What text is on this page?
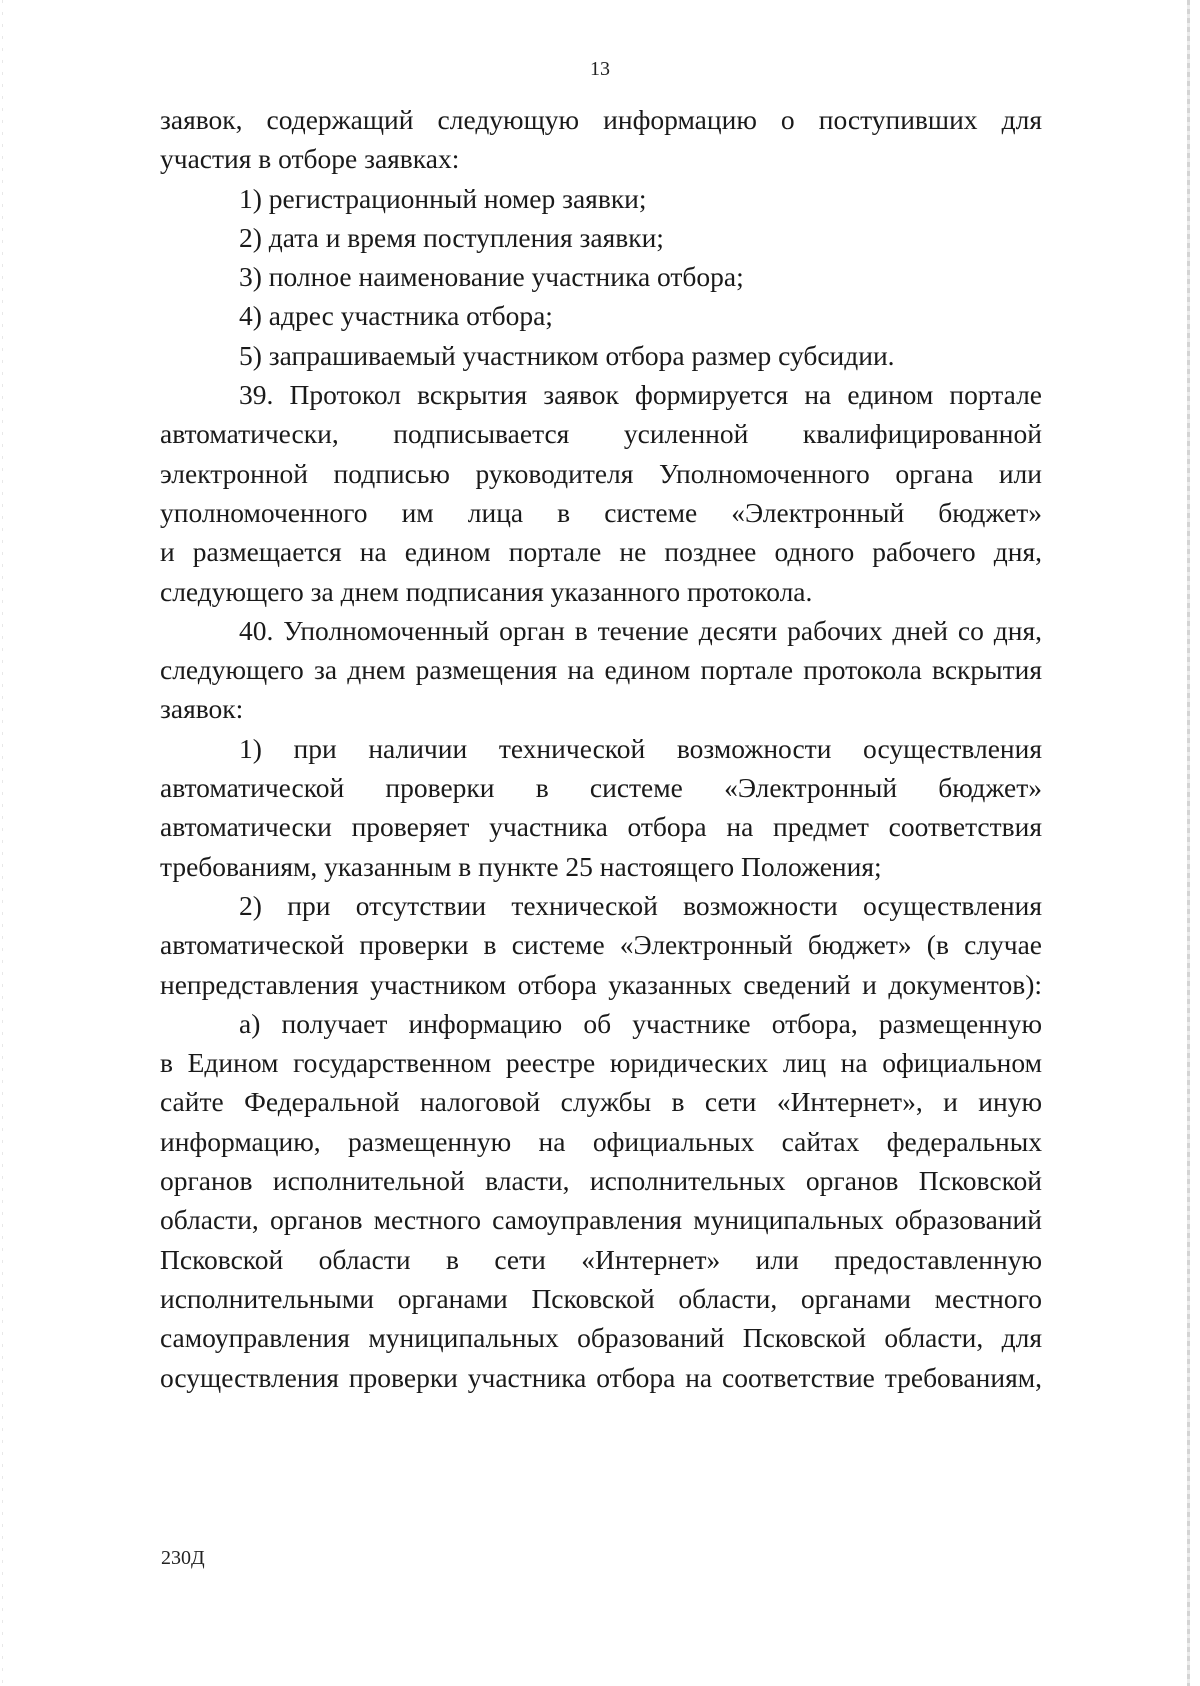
13
заявок, содержащий следующую информацию о поступивших для
участия в отборе заявках:
1) регистрационный номер заявки;
2) дата и время поступления заявки;
3) полное наименование участника отбора;
4) адрес участника отбора;
5) запрашиваемый участником отбора размер субсидии.
39. Протокол вскрытия заявок формируется на едином портале
автоматически, подписывается усиленной квалифицированной
электронной подписью руководителя Уполномоченного органа или
уполномоченного им лица в системе «Электронный бюджет»
и размещается на едином портале не позднее одного рабочего дня,
следующего за днем подписания указанного протокола.
40. Уполномоченный орган в течение десяти рабочих дней со дня,
следующего за днем размещения на едином портале протокола вскрытия
заявок:
1) при наличии технической возможности осуществления
автоматической проверки в системе «Электронный бюджет»
автоматически проверяет участника отбора на предмет соответствия
требованиям, указанным в пункте 25 настоящего Положения;
2) при отсутствии технической возможности осуществления
автоматической проверки в системе «Электронный бюджет» (в случае
непредставления участником отбора указанных сведений и документов):
а) получает информацию об участнике отбора, размещенную
в Едином государственном реестре юридических лиц на официальном
сайте Федеральной налоговой службы в сети «Интернет», и иную
информацию, размещенную на официальных сайтах федеральных
органов исполнительной власти, исполнительных органов Псковской
области, органов местного самоуправления муниципальных образований
Псковской области в сети «Интернет» или предоставленную
исполнительными органами Псковской области, органами местного
самоуправления муниципальных образований Псковской области, для
осуществления проверки участника отбора на соответствие требованиям,
230Д
